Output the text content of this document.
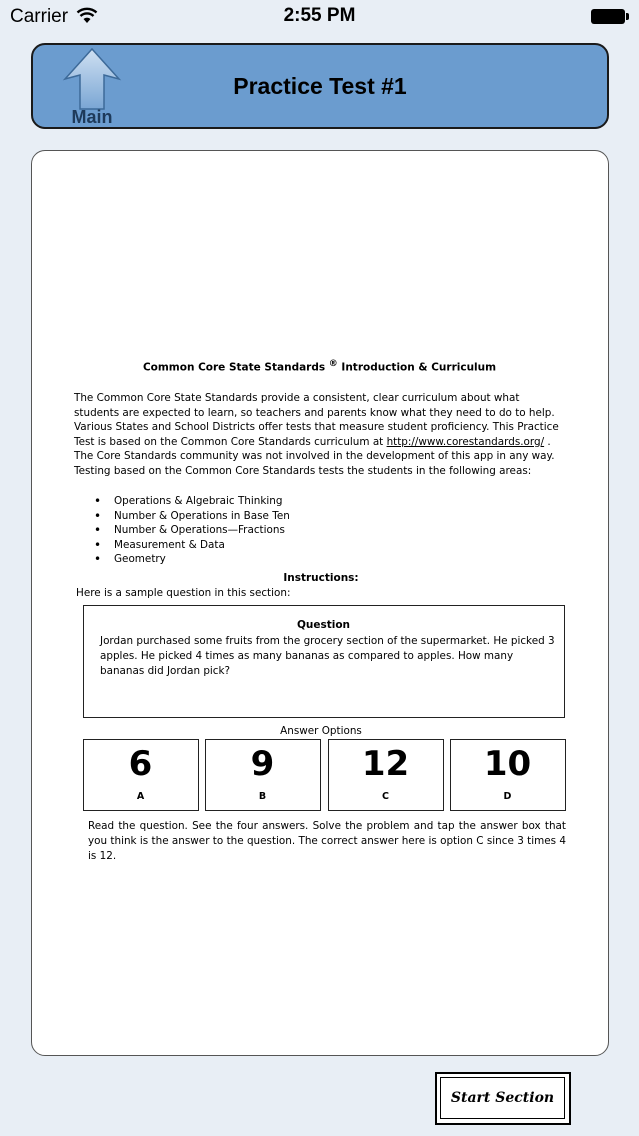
Carrier	2:55 PM
Main
Practice Test #1
Common Core State Standards ® Introduction & Curriculum

The Common Core State Standards provide a consistent, clear curriculum about what students are expected to learn, so teachers and parents know what they need to do to help. Various States and School Districts offer tests that measure student proficiency. This Practice Test is based on the Common Core Standards curriculum at http://www.corestandards.org/ . The Core Standards community was not involved in the development of this app in any way. Testing based on the Common Core Standards tests the students in the following areas:

• Operations & Algebraic Thinking
• Number & Operations in Base Ten
• Number & Operations—Fractions
• Measurement & Data
• Geometry
Instructions:
Here is a sample question in this section:
Question
Jordan purchased some fruits from the grocery section of the supermarket. He picked 3 apples. He picked 4 times as many bananas as compared to apples. How many bananas did Jordan pick?
Answer Options
6
A
9
B
12
C
10
D

Read the question. See the four answers. Solve the problem and tap the answer box that you think is the answer to the question. The correct answer here is option C since 3 times 4 is 12.

Start Section
